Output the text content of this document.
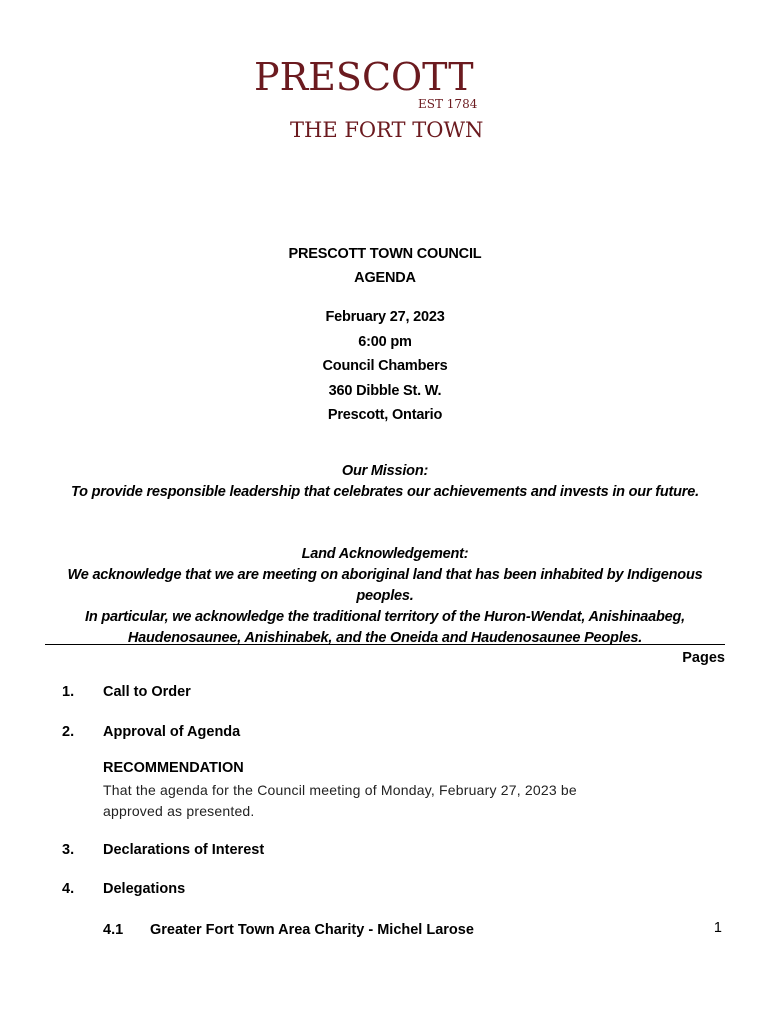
PRESCOTT
EST 1784
THE FORT TOWN
PRESCOTT TOWN COUNCIL
AGENDA
February 27, 2023
6:00 pm
Council Chambers
360 Dibble St. W.
Prescott, Ontario
Our Mission:
To provide responsible leadership that celebrates our achievements and invests in our future.
Land Acknowledgement:
We acknowledge that we are meeting on aboriginal land that has been inhabited by Indigenous peoples.
In particular, we acknowledge the traditional territory of the Huron-Wendat, Anishinaabeg, Haudenosaunee, Anishinabek, and the Oneida and Haudenosaunee Peoples.
Pages
1. Call to Order
2. Approval of Agenda
RECOMMENDATION
That the agenda for the Council meeting of Monday, February 27, 2023 be approved as presented.
3. Declarations of Interest
4. Delegations
4.1 Greater Fort Town Area Charity - Michel Larose	1
